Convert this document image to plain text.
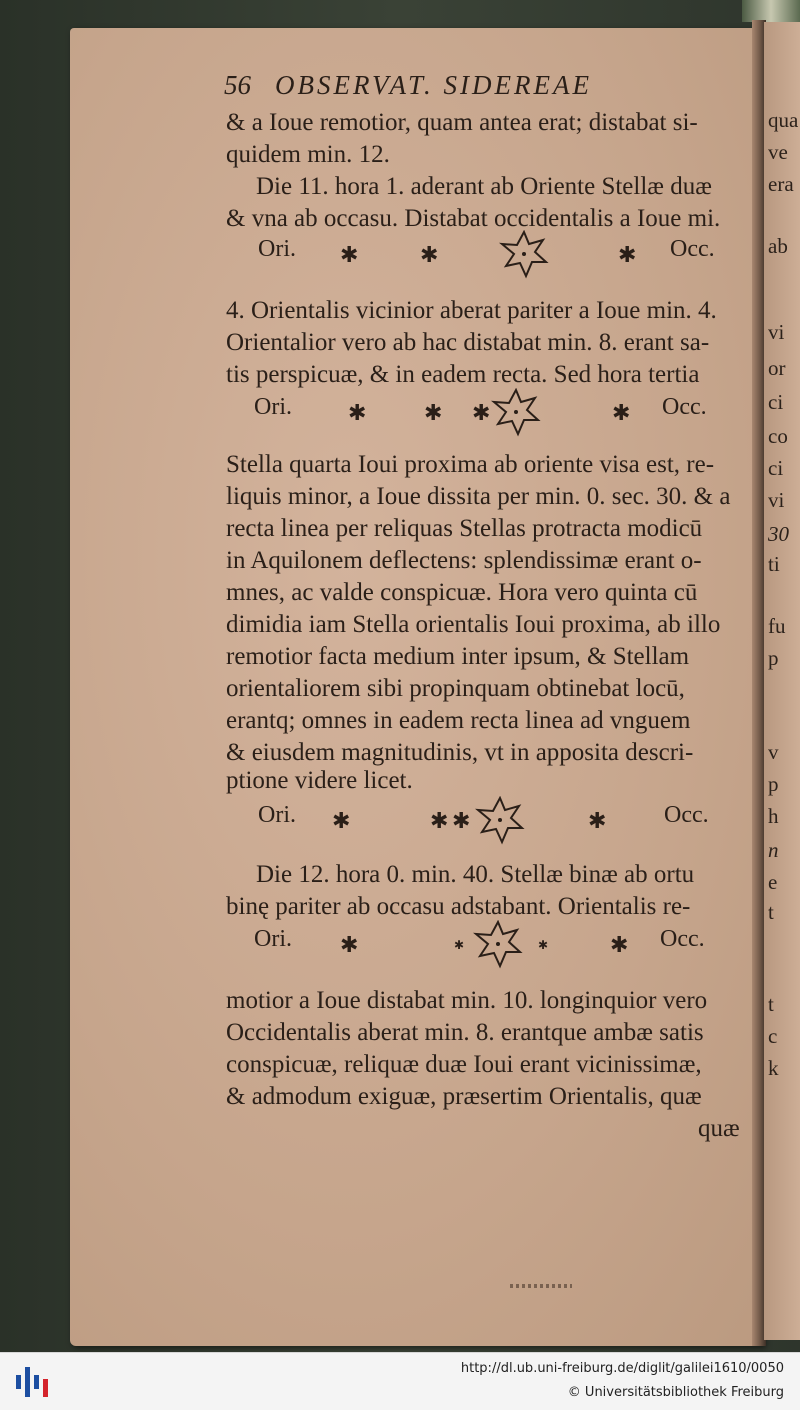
qua
ve
era
ab
vi
or
ci
co
ci
vi
30
ti
fu
p
v
p
h
n
e
t
t
c
k
56 OBSERVAT. SIDEREAE
& a Ioue remotior, quam antea erat; distabat si-
quidem min. 12.
Die 11. hora 1. aderant ab Oriente Stellæ duæ
& vna ab occasu. Distabat occidentalis a Ioue mi.
Ori. ✱	✱	✱ Occ.
4. Orientalis vicinior aberat pariter a Ioue min. 4.
Orientalior vero ab hac distabat min. 8. erant sa-
tis perspicuæ, & in eadem recta. Sed hora tertia
Ori.	✱	✱ ✱	✱ Occ.
Stella quarta Ioui proxima ab oriente visa est, re-
liquis minor, a Ioue dissita per min. 0. sec. 30. & a
recta linea per reliquas Stellas protracta modicū
in Aquilonem deflectens: splendissimæ erant o-
mnes, ac valde conspicuæ. Hora vero quinta cū
dimidia iam Stella orientalis Ioui proxima, ab illo
remotior facta medium inter ipsum, & Stellam
orientaliorem sibi propinquam obtinebat locū,
erantq; omnes in eadem recta linea ad vnguem
& eiusdem magnitudinis, vt in apposita descri-
ptione videre licet.
Ori. ✱	✱ ✱	✱ Occ.
Die 12. hora 0. min. 40. Stellæ binæ ab ortu
binę pariter ab occasu adstabant. Orientalis re-
Ori. ✱	✱	✱	✱ Occ.
motior a Ioue distabat min. 10. longinquior vero
Occidentalis aberat min. 8. erantque ambæ satis
conspicuæ, reliquæ duæ Ioui erant vicinissimæ,
& admodum exiguæ, præsertim Orientalis, quæ
quæ
http://dl.ub.uni-freiburg.de/diglit/galilei1610/0050
© Universitätsbibliothek Freiburg
